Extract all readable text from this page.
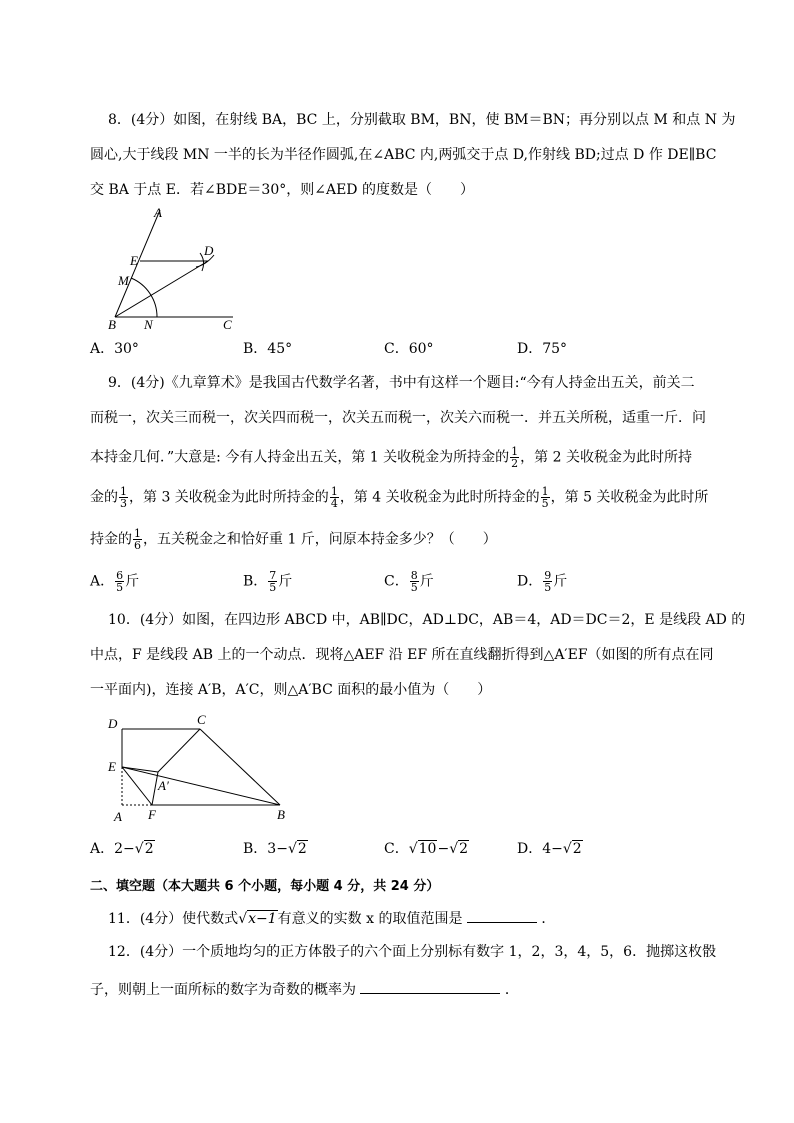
8．(4分）如图，在射线 BA，BC 上，分别截取 BM，BN，使 BM＝BN；再分别以点 M 和点 N 为
圆心,大于线段 MN 一半的长为半径作圆弧,在∠ABC 内,两弧交于点 D,作射线 BD;过点 D 作 DE∥BC
交 BA 于点 E．若∠BDE＝30°，则∠AED 的度数是（　　）
A
E
D
M
B N	C
A．30°	B．45°	C．60°	D．75°
9．(4分)《九章算术》是我国古代数学名著，书中有这样一个题目:“今有人持金出五关，前关二
而税一，次关三而税一，次关四而税一，次关五而税一，次关六而税一．并五关所税，适重一斤．问
本持金几何．”大意是: 今有人持金出五关，第 1 关收税金为所持金的 $\frac{1}{2}$ ，第 2 关收税金为此时所持
金的 $\frac{1}{3}$ ，第 3 关收税金为此时所持金的 $\frac{1}{4}$ ，第 4 关收税金为此时所持金的 $\frac{1}{5}$ ，第 5 关收税金为此时所
持金的 $\frac{1}{6}$ ，五关税金之和恰好重 1 斤，问原本持金多少？（　　）
A． $\frac{6}{5}$ 斤	B． $\frac{7}{5}$ 斤	C． $\frac{8}{5}$ 斤	D． $\frac{9}{5}$ 斤
10．(4分）如图，在四边形 ABCD 中，AB∥DC，AD⊥DC，AB＝4，AD＝DC＝2，E 是线段 AD 的
中点，F 是线段 AB 上的一个动点．现将△AEF 沿 EF 所在直线翻折得到△A′EF（如图的所有点在同
一平面内)，连接 A′B，A′C，则△A′BC 面积的最小值为（　　）
D	C
E
A′
A F	B
A．2−√2	B．3−√2	C．√10−√2	D．4−√2
二、填空题（本大题共 6 个小题，每小题 4 分，共 24 分）
11．(4分）使代数式√x−1有意义的实数 x 的取值范围是	．
12．(4分）一个质地均匀的正方体骰子的六个面上分别标有数字 1，2，3，4，5，6．抛掷这枚骰
子，则朝上一面所标的数字为奇数的概率为	．
